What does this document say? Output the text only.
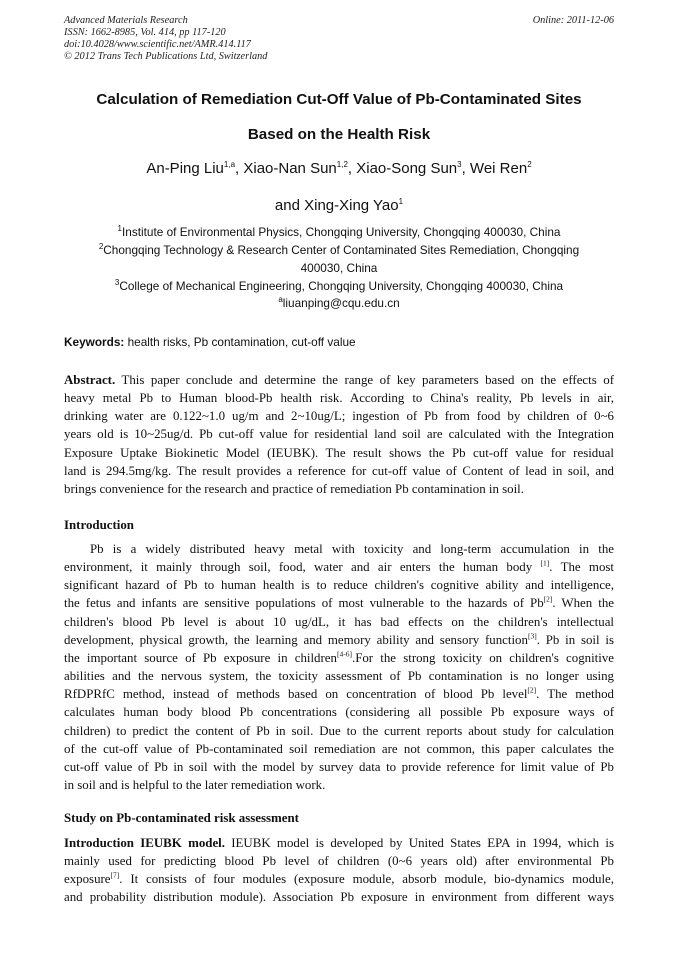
Advanced Materials Research
ISSN: 1662-8985, Vol. 414, pp 117-120
doi:10.4028/www.scientific.net/AMR.414.117
© 2012 Trans Tech Publications Ltd, Switzerland
Online: 2011-12-06
Calculation of Remediation Cut-Off Value of Pb-Contaminated Sites
Based on the Health Risk
An-Ping Liu$^{1,a}$, Xiao-Nan Sun$^{1,2}$, Xiao-Song Sun$^3$, Wei Ren$^2$
and Xing-Xing Yao$^1$
$^1$Institute of Environmental Physics, Chongqing University, Chongqing 400030, China
$^2$Chongqing Technology & Research Center of Contaminated Sites Remediation, Chongqing
400030, China
$^3$College of Mechanical Engineering, Chongqing University, Chongqing 400030, China
$^a$liuanping@cqu.edu.cn
Keywords: health risks, Pb contamination, cut-off value
Abstract. This paper conclude and determine the range of key parameters based on the effects of
heavy metal Pb to Human blood-Pb health risk. According to China's reality, Pb levels in air,
drinking water are 0.122~1.0 ug/m and 2~10ug/L; ingestion of Pb from food by children of 0~6
years old is 10~25ug/d. Pb cut-off value for residential land soil are calculated with the Integration
Exposure Uptake Biokinetic Model (IEUBK). The result shows the Pb cut-off value for residual
land is 294.5mg/kg. The result provides a reference for cut-off value of Content of lead in soil, and
brings convenience for the research and practice of remediation Pb contamination in soil.
Introduction
Pb is a widely distributed heavy metal with toxicity and long-term accumulation in the
environment, it mainly through soil, food, water and air enters the human body [1]. The most
significant hazard of Pb to human health is to reduce children's cognitive ability and intelligence,
the fetus and infants are sensitive populations of most vulnerable to the hazards of Pb[2]. When the
children's blood Pb level is about 10 ug/dL, it has bad effects on the children's intellectual
development, physical growth, the learning and memory ability and sensory function[3]. Pb in soil is
the important source of Pb exposure in children[4-6].For the strong toxicity on children's cognitive
abilities and the nervous system, the toxicity assessment of Pb contamination is no longer using
RfDPRfC method, instead of methods based on concentration of blood Pb level[2]. The method
calculates human body blood Pb concentrations (considering all possible Pb exposure ways of
children) to predict the content of Pb in soil. Due to the current reports about study for calculation
of the cut-off value of Pb-contaminated soil remediation are not common, this paper calculates the
cut-off value of Pb in soil with the model by survey data to provide reference for limit value of Pb
in soil and is helpful to the later remediation work.
Study on Pb-contaminated risk assessment
Introduction IEUBK model. IEUBK model is developed by United States EPA in 1994, which is
mainly used for predicting blood Pb level of children (0~6 years old) after environmental Pb
exposure[7]. It consists of four modules (exposure module, absorb module, bio-dynamics module,
and probability distribution module). Association Pb exposure in environment from different ways
